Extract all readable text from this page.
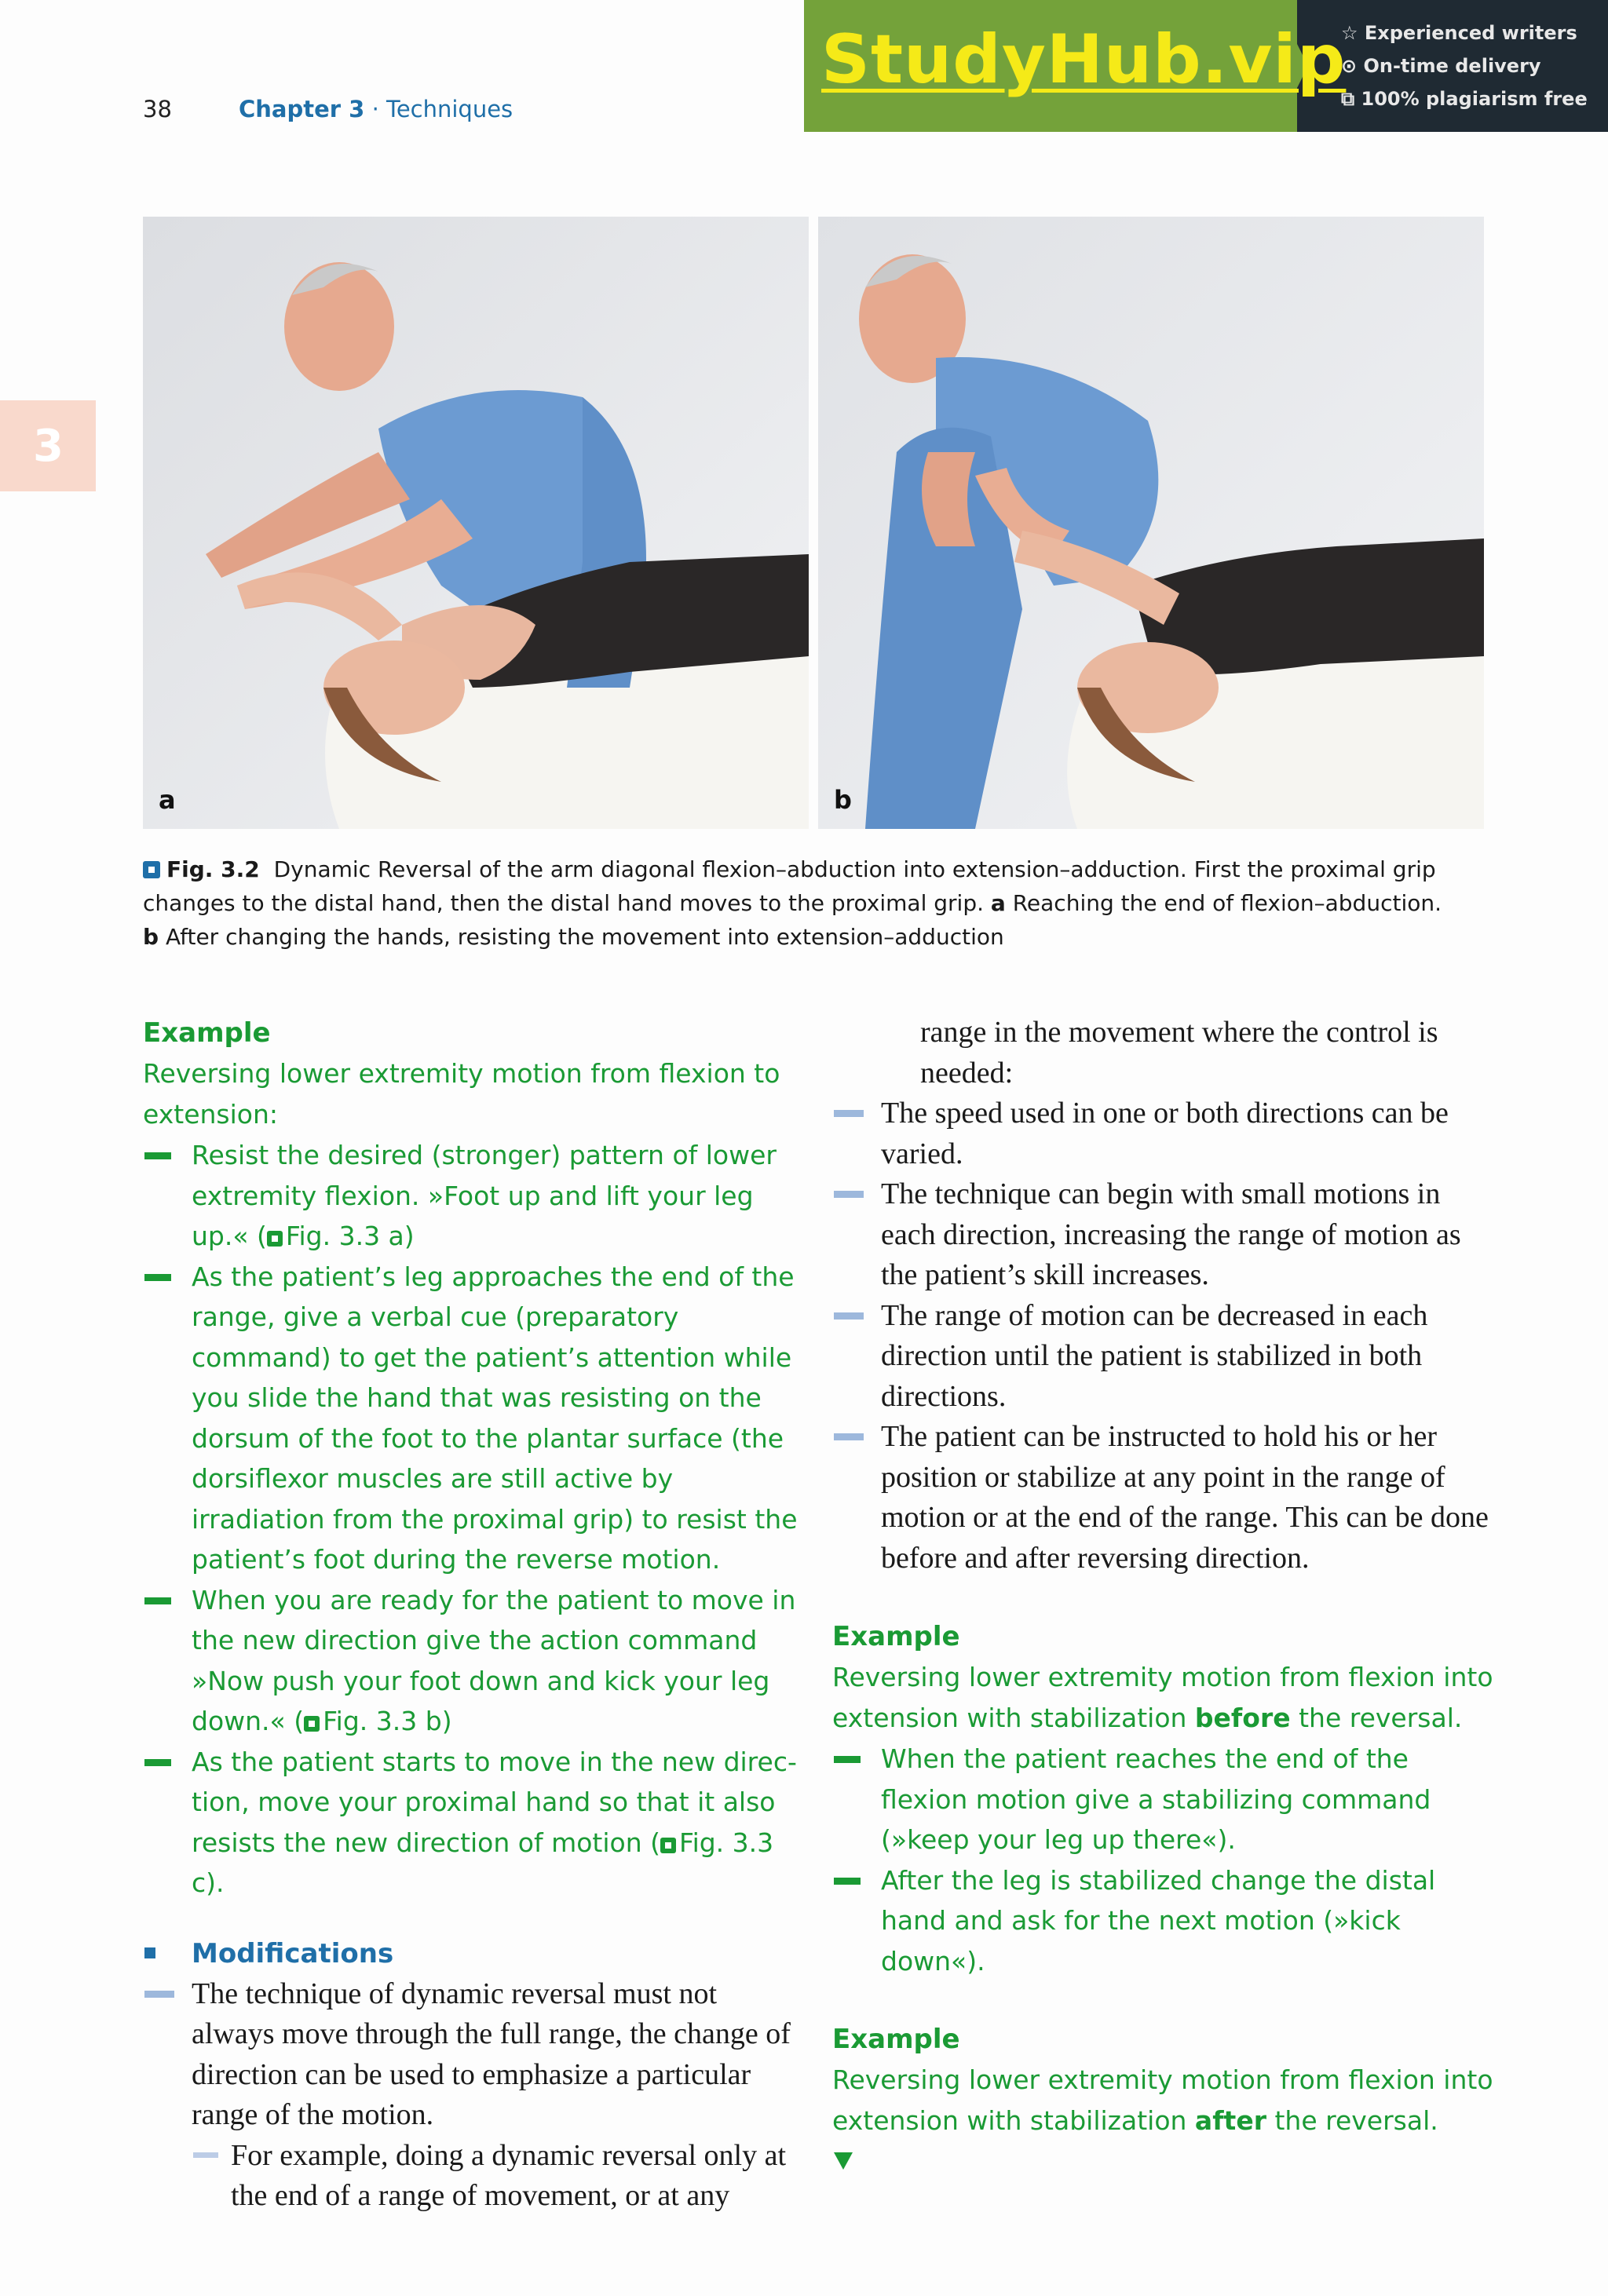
38	Chapter 3 · Techniques
StudyHub.vip
☆ Experienced writers
⊙ On-time delivery
⧉ 100% plagiarism free
3
a	b
Fig. 3.2 Dynamic Reversal of the arm diagonal flexion–abduction into extension–adduction. First the proximal grip changes to the distal hand, then the distal hand moves to the proximal grip. a Reaching the end of flexion–abduction.
b After changing the hands, resisting the movement into extension–adduction
Example
Reversing lower extremity motion from flexion to extension:
Resist the desired (stronger) pattern of lower extremity flexion. »Foot up and lift your leg up.« ( Fig. 3.3 a)
As the patient’s leg approaches the end of the range, give a verbal cue (preparatory command) to get the patient’s attention while you slide the hand that was resisting on the dorsum of the foot to the plantar surface (the dorsiflexor muscles are still active by irradiation from the proximal grip) to resist the patient’s foot during the reverse motion.
When you are ready for the patient to move in the new direction give the action command »Now push your foot down and kick your leg down.« ( Fig. 3.3 b)
As the patient starts to move in the new direction, move your proximal hand so that it also resists the new direction of motion ( Fig. 3.3 c).
Modifications
The technique of dynamic reversal must not always move through the full range, the change of direction can be used to emphasize a particular range of the motion.
For example, doing a dynamic reversal only at the end of a range of movement, or at any
range in the movement where the control is needed:
The speed used in one or both directions can be varied.
The technique can begin with small motions in each direction, increasing the range of motion as the patient’s skill increases.
The range of motion can be decreased in each direction until the patient is stabilized in both directions.
The patient can be instructed to hold his or her position or stabilize at any point in the range of motion or at the end of the range. This can be done before and after reversing direction.
Example
Reversing lower extremity motion from flexion into extension with stabilization before the reversal.
When the patient reaches the end of the flexion motion give a stabilizing command (»keep your leg up there«).
After the leg is stabilized change the distal hand and ask for the next motion (»kick down«).
Example
Reversing lower extremity motion from flexion into extension with stabilization after the reversal.
